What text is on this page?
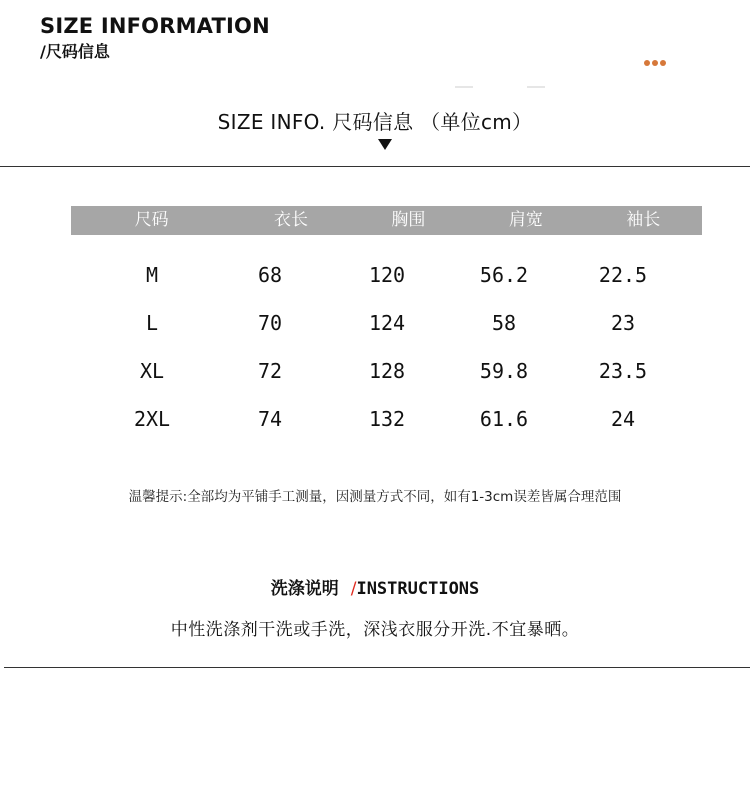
SIZE INFORMATION
/尺码信息
SIZE INFO. 尺码信息 （单位cm）
尺码	衣长	胸围	肩宽	袖长
M	68	120	56.2	22.5
L	70	124	58	23
XL	72	128	59.8	23.5
2XL	74	132	61.6	24
温馨提示:全部均为平铺手工测量，因测量方式不同，如有1-3cm误差皆属合理范围
洗涤说明 /INSTRUCTIONS
中性洗涤剂干洗或手洗，深浅衣服分开洗.不宜暴晒。
